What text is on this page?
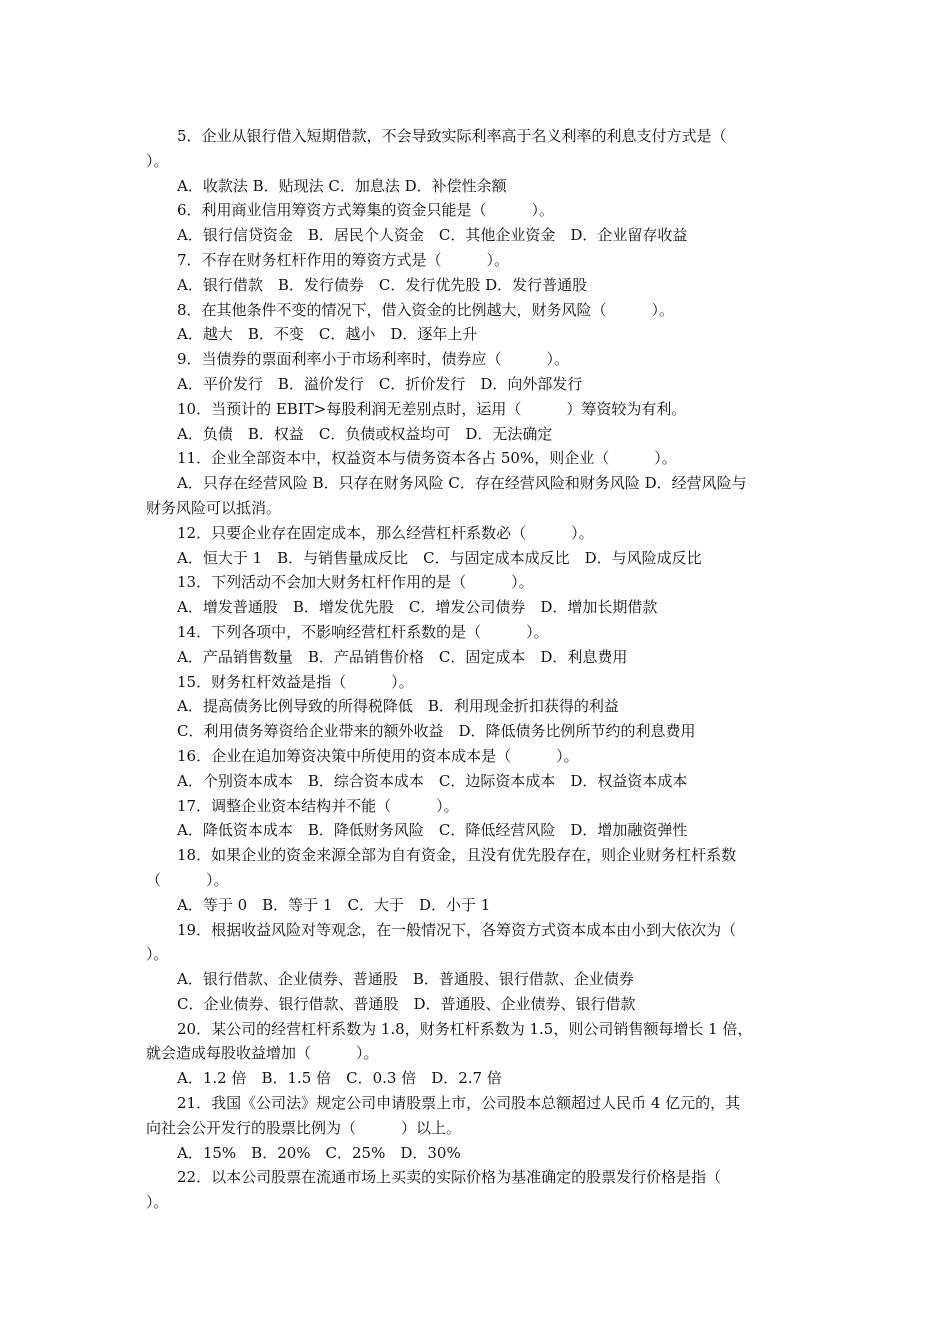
5．企业从银行借入短期借款，不会导致实际利率高于名义利率的利息支付方式是（
）。
A．收款法 B．贴现法 C．加息法 D．补偿性余额
6．利用商业信用筹资方式筹集的资金只能是（　　　）。
A．银行信贷资金　B．居民个人资金　C．其他企业资金　D．企业留存收益
7．不存在财务杠杆作用的筹资方式是（　　　）。
A．银行借款　B．发行债券　C．发行优先股 D．发行普通股
8．在其他条件不变的情况下，借入资金的比例越大，财务风险（　　　）。
A．越大　B．不变　C．越小　D．逐年上升
9．当债券的票面利率小于市场利率时，债券应（　　　）。
A．平价发行　B．溢价发行　C．折价发行　D．向外部发行
10．当预计的 EBIT>每股利润无差别点时，运用（　　　）筹资较为有利。
A．负债　B．权益　C．负债或权益均可　D．无法确定
11．企业全部资本中，权益资本与债务资本各占 50%，则企业（　　　）。
A．只存在经营风险 B．只存在财务风险 C．存在经营风险和财务风险 D．经营风险与
财务风险可以抵消。
12．只要企业存在固定成本，那么经营杠杆系数必（　　　）。
A．恒大于 1　B．与销售量成反比　C．与固定成本成反比　D．与风险成反比
13．下列活动不会加大财务杠杆作用的是（　　　）。
A．增发普通股　B．增发优先股　C．增发公司债券　D．增加长期借款
14．下列各项中，不影响经营杠杆系数的是（　　　）。
A．产品销售数量　B．产品销售价格　C．固定成本　D．利息费用
15．财务杠杆效益是指（　　　）。
A．提高债务比例导致的所得税降低　B．利用现金折扣获得的利益
C．利用债务筹资给企业带来的额外收益　D．降低债务比例所节约的利息费用
16．企业在追加筹资决策中所使用的资本成本是（　　　）。
A．个别资本成本　B．综合资本成本　C．边际资本成本　D．权益资本成本
17．调整企业资本结构并不能（　　　）。
A．降低资本成本　B．降低财务风险　C．降低经营风险　D．增加融资弹性
18．如果企业的资金来源全部为自有资金，且没有优先股存在，则企业财务杠杆系数
（　　　）。
A．等于 0　B．等于 1　C．大于　D．小于 1
19．根据收益风险对等观念，在一般情况下，各筹资方式资本成本由小到大依次为（
）。
A．银行借款、企业债券、普通股　B．普通股、银行借款、企业债券
C．企业债券、银行借款、普通股　D．普通股、企业债券、银行借款
20．某公司的经营杠杆系数为 1.8，财务杠杆系数为 1.5，则公司销售额每增长 1 倍，
就会造成每股收益增加（　　　）。
A．1.2 倍　B．1.5 倍　C．0.3 倍　D．2.7 倍
21．我国《公司法》规定公司申请股票上市，公司股本总额超过人民币 4 亿元的，其
向社会公开发行的股票比例为（　　　）以上。
A．15%　B．20%　C．25%　D．30%
22．以本公司股票在流通市场上买卖的实际价格为基准确定的股票发行价格是指（
）。
